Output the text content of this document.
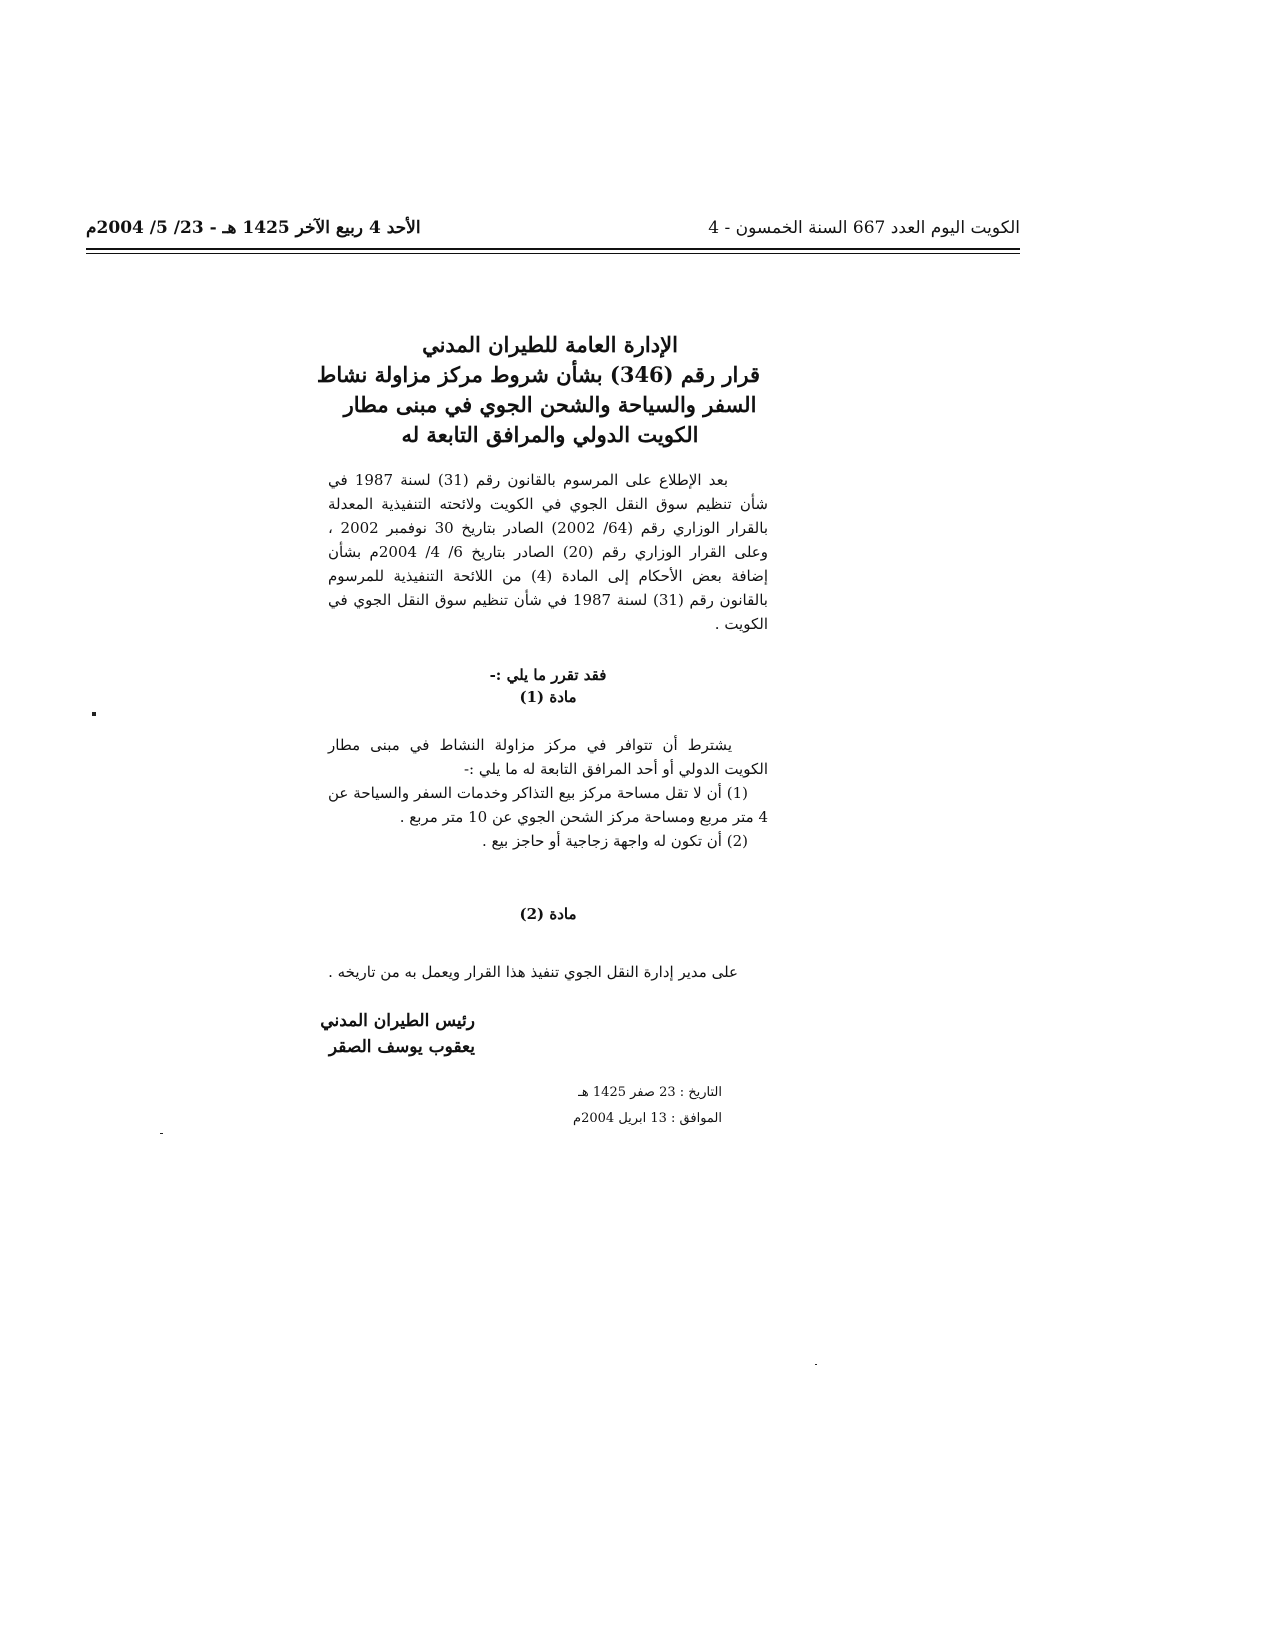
الكويت اليوم العدد 667 السنة الخمسون - 4
الأحد 4 ربيع الآخر 1425 هـ - 23/ 5/ 2004م
الإدارة العامة للطيران المدني
قرار رقم (346) بشأن شروط مركز مزاولة نشاط
السفر والسياحة والشحن الجوي في مبنى مطار
الكويت الدولي والمرافق التابعة له

بعد الإطلاع على المرسوم بالقانون رقم (31) لسنة 1987 في شأن تنظيم سوق النقل الجوي في الكويت ولائحته التنفيذية المعدلة بالقرار الوزاري رقم (64/ 2002) الصادر بتاريخ 30 نوفمبر 2002 ، وعلى القرار الوزاري رقم (20) الصادر بتاريخ 6/ 4/ 2004م بشأن إضافة بعض الأحكام إلى المادة (4) من اللائحة التنفيذية للمرسوم بالقانون رقم (31) لسنة 1987 في شأن تنظيم سوق النقل الجوي في الكويت .

فقد تقرر ما يلي :-
مادة (1)

يشترط أن تتوافر في مركز مزاولة النشاط في مبنى مطار الكويت الدولي أو أحد المرافق التابعة له ما يلي :-

(1) أن لا تقل مساحة مركز بيع التذاكر وخدمات السفر والسياحة عن 4 متر مربع ومساحة مركز الشحن الجوي عن 10 متر مربع .

(2) أن تكون له واجهة زجاجية أو حاجز بيع .

مادة (2)

على مدير إدارة النقل الجوي تنفيذ هذا القرار ويعمل به من تاريخه .

رئيس الطيران المدني
يعقوب يوسف الصقر
التاريخ : 23 صفر 1425 هـ
الموافق : 13 ابريل 2004م
